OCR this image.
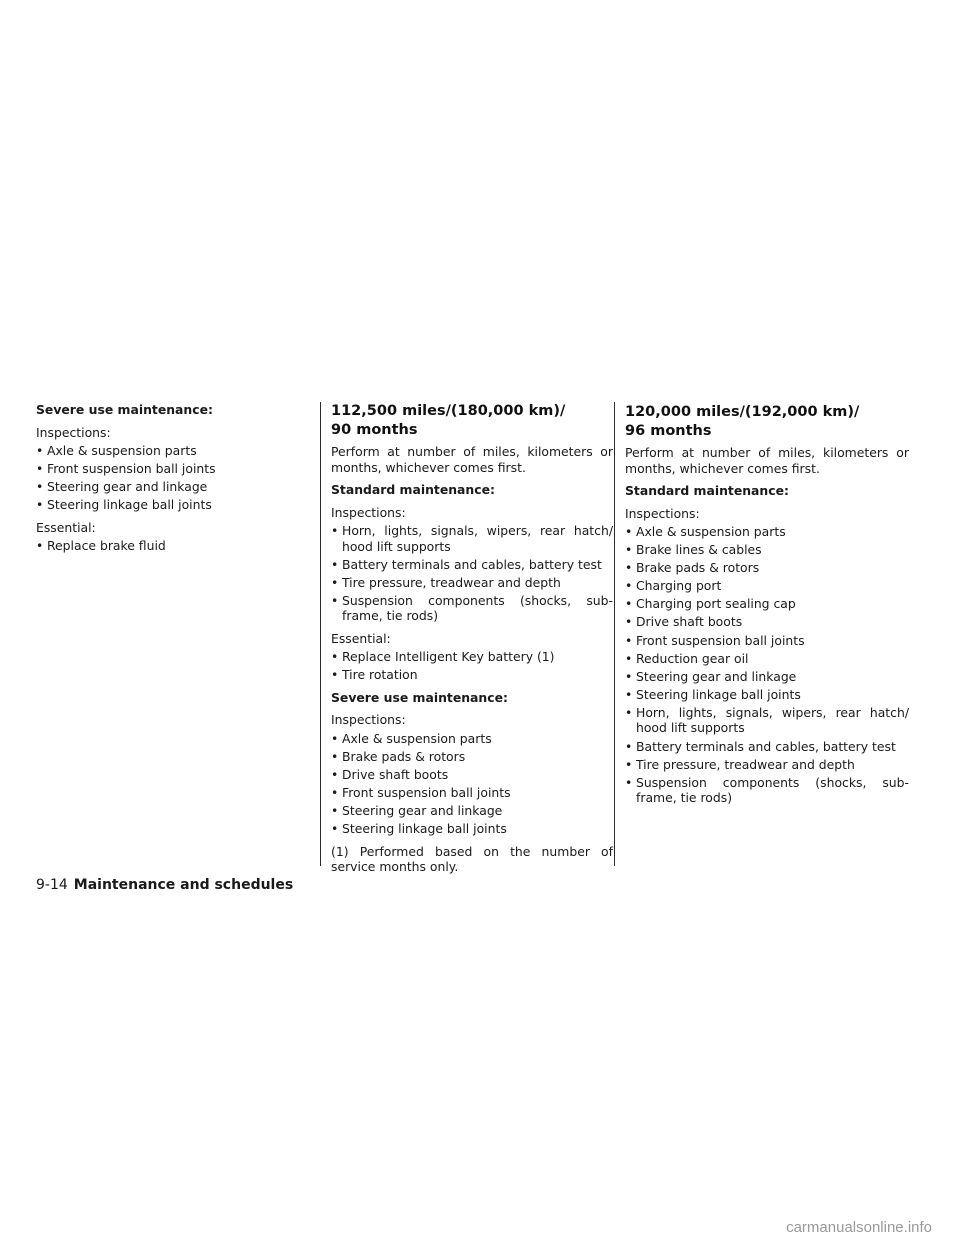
Severe use maintenance:

Inspections:

• Axle & suspension parts
• Front suspension ball joints
• Steering gear and linkage
• Steering linkage ball joints

Essential:

• Replace brake fluid
112,500 miles/(180,000 km)/
90 months

Perform at number of miles, kilometers or months, whichever comes first.

Standard maintenance:

Inspections:

• Horn, lights, signals, wipers, rear hatch/ hood lift supports
• Battery terminals and cables, battery test
• Tire pressure, treadwear and depth
• Suspension components (shocks, sub-frame, tie rods)

Essential:

• Replace Intelligent Key battery (1)
• Tire rotation

Severe use maintenance:

Inspections:

• Axle & suspension parts
• Brake pads & rotors
• Drive shaft boots
• Front suspension ball joints
• Steering gear and linkage
• Steering linkage ball joints

(1) Performed based on the number of service months only.

120,000 miles/(192,000 km)/
96 months

Perform at number of miles, kilometers or months, whichever comes first.

Standard maintenance:

Inspections:

• Axle & suspension parts
• Brake lines & cables
• Brake pads & rotors
• Charging port
• Charging port sealing cap
• Drive shaft boots
• Front suspension ball joints
• Reduction gear oil
• Steering gear and linkage
• Steering linkage ball joints
• Horn, lights, signals, wipers, rear hatch/ hood lift supports
• Battery terminals and cables, battery test
• Tire pressure, treadwear and depth
• Suspension components (shocks, sub-frame, tie rods)
9-14 Maintenance and schedules
carmanualsonline.info
